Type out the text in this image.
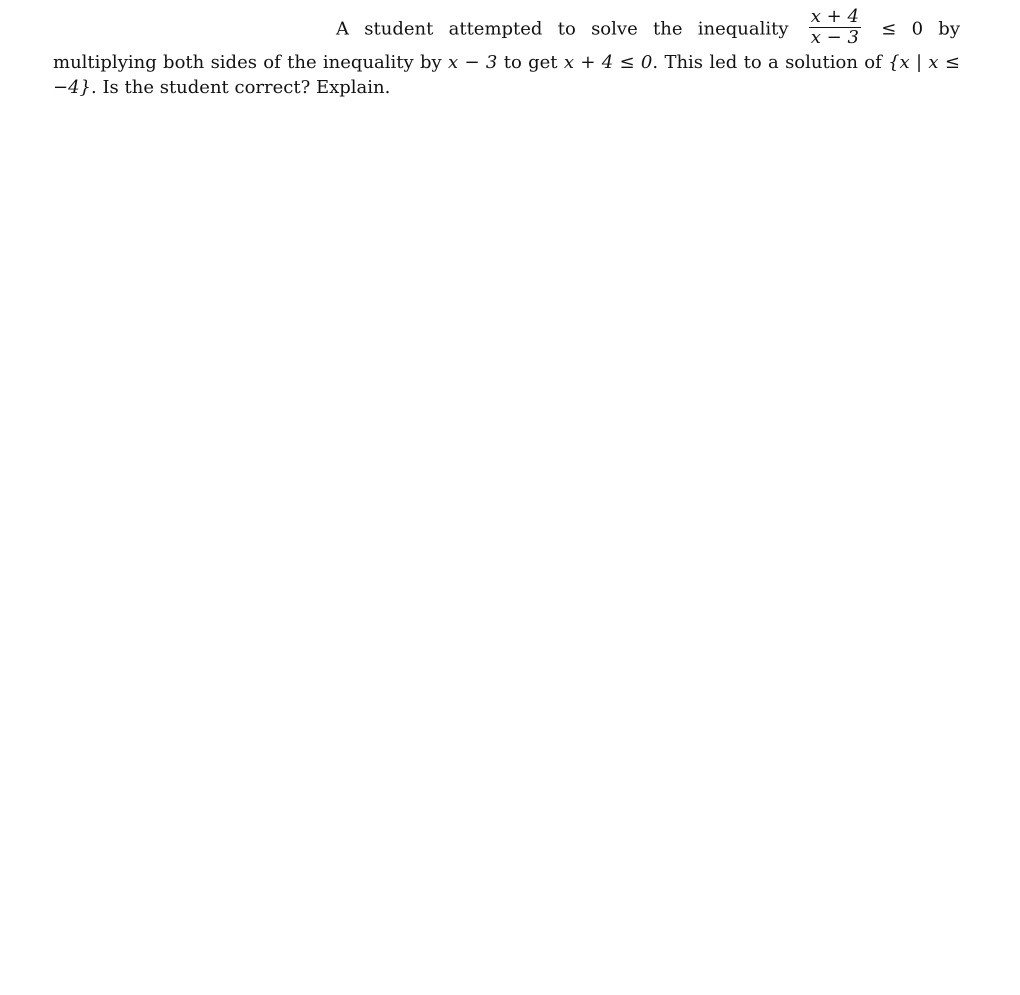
A student attempted to solve the inequality $\frac{x + 4}{x - 3} \le 0$ by multiplying both sides of the inequality by x − 3 to get x + 4 ≤ 0. This led to a solution of {x | x ≤ −4}. Is the student correct? Explain.
